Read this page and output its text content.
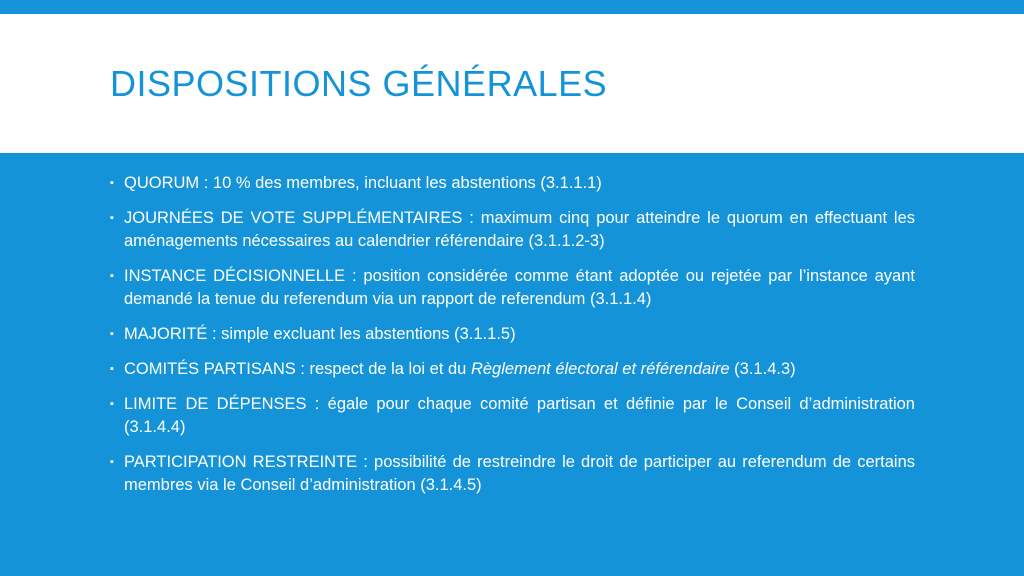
DISPOSITIONS GÉNÉRALES
▪ QUORUM : 10 % des membres, incluant les abstentions (3.1.1.1)
▪ JOURNÉES DE VOTE SUPPLÉMENTAIRES : maximum cinq pour atteindre le quorum en effectuant les aménagements nécessaires au calendrier référendaire (3.1.1.2-3)
▪ INSTANCE DÉCISIONNELLE : position considérée comme étant adoptée ou rejetée par l’instance ayant demandé la tenue du referendum via un rapport de referendum (3.1.1.4)
▪ MAJORITÉ : simple excluant les abstentions (3.1.1.5)
▪ COMITÉS PARTISANS : respect de la loi et du Règlement électoral et référendaire (3.1.4.3)
▪ LIMITE DE DÉPENSES : égale pour chaque comité partisan et définie par le Conseil d’administration (3.1.4.4)
▪ PARTICIPATION RESTREINTE : possibilité de restreindre le droit de participer au referendum de certains membres via le Conseil d’administration (3.1.4.5)
